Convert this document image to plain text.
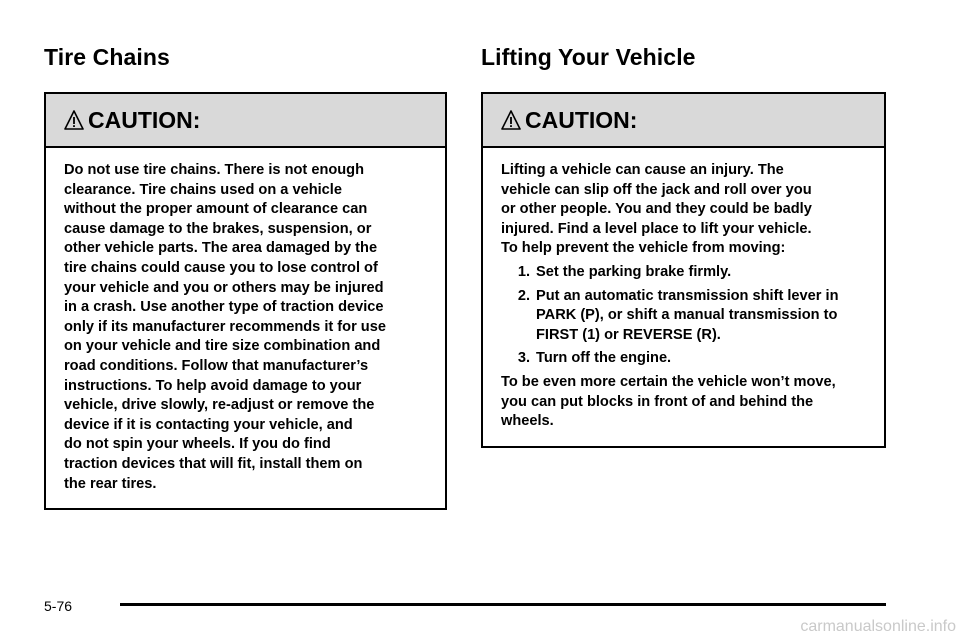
Tire Chains
CAUTION:

Do not use tire chains. There is not enough
clearance. Tire chains used on a vehicle
without the proper amount of clearance can
cause damage to the brakes, suspension, or
other vehicle parts. The area damaged by the
tire chains could cause you to lose control of
your vehicle and you or others may be injured
in a crash. Use another type of traction device
only if its manufacturer recommends it for use
on your vehicle and tire size combination and
road conditions. Follow that manufacturer’s
instructions. To help avoid damage to your
vehicle, drive slowly, re-adjust or remove the
device if it is contacting your vehicle, and
do not spin your wheels. If you do find
traction devices that will fit, install them on
the rear tires.

Lifting Your Vehicle
CAUTION:

Lifting a vehicle can cause an injury. The
vehicle can slip off the jack and roll over you
or other people. You and they could be badly
injured. Find a level place to lift your vehicle.
To help prevent the vehicle from moving:

1. Set the parking brake firmly.
2. Put an automatic transmission shift lever in
PARK (P), or shift a manual transmission to
FIRST (1) or REVERSE (R).
3. Turn off the engine.

To be even more certain the vehicle won’t move,
you can put blocks in front of and behind the
wheels.

5-76
carmanualsonline.info
